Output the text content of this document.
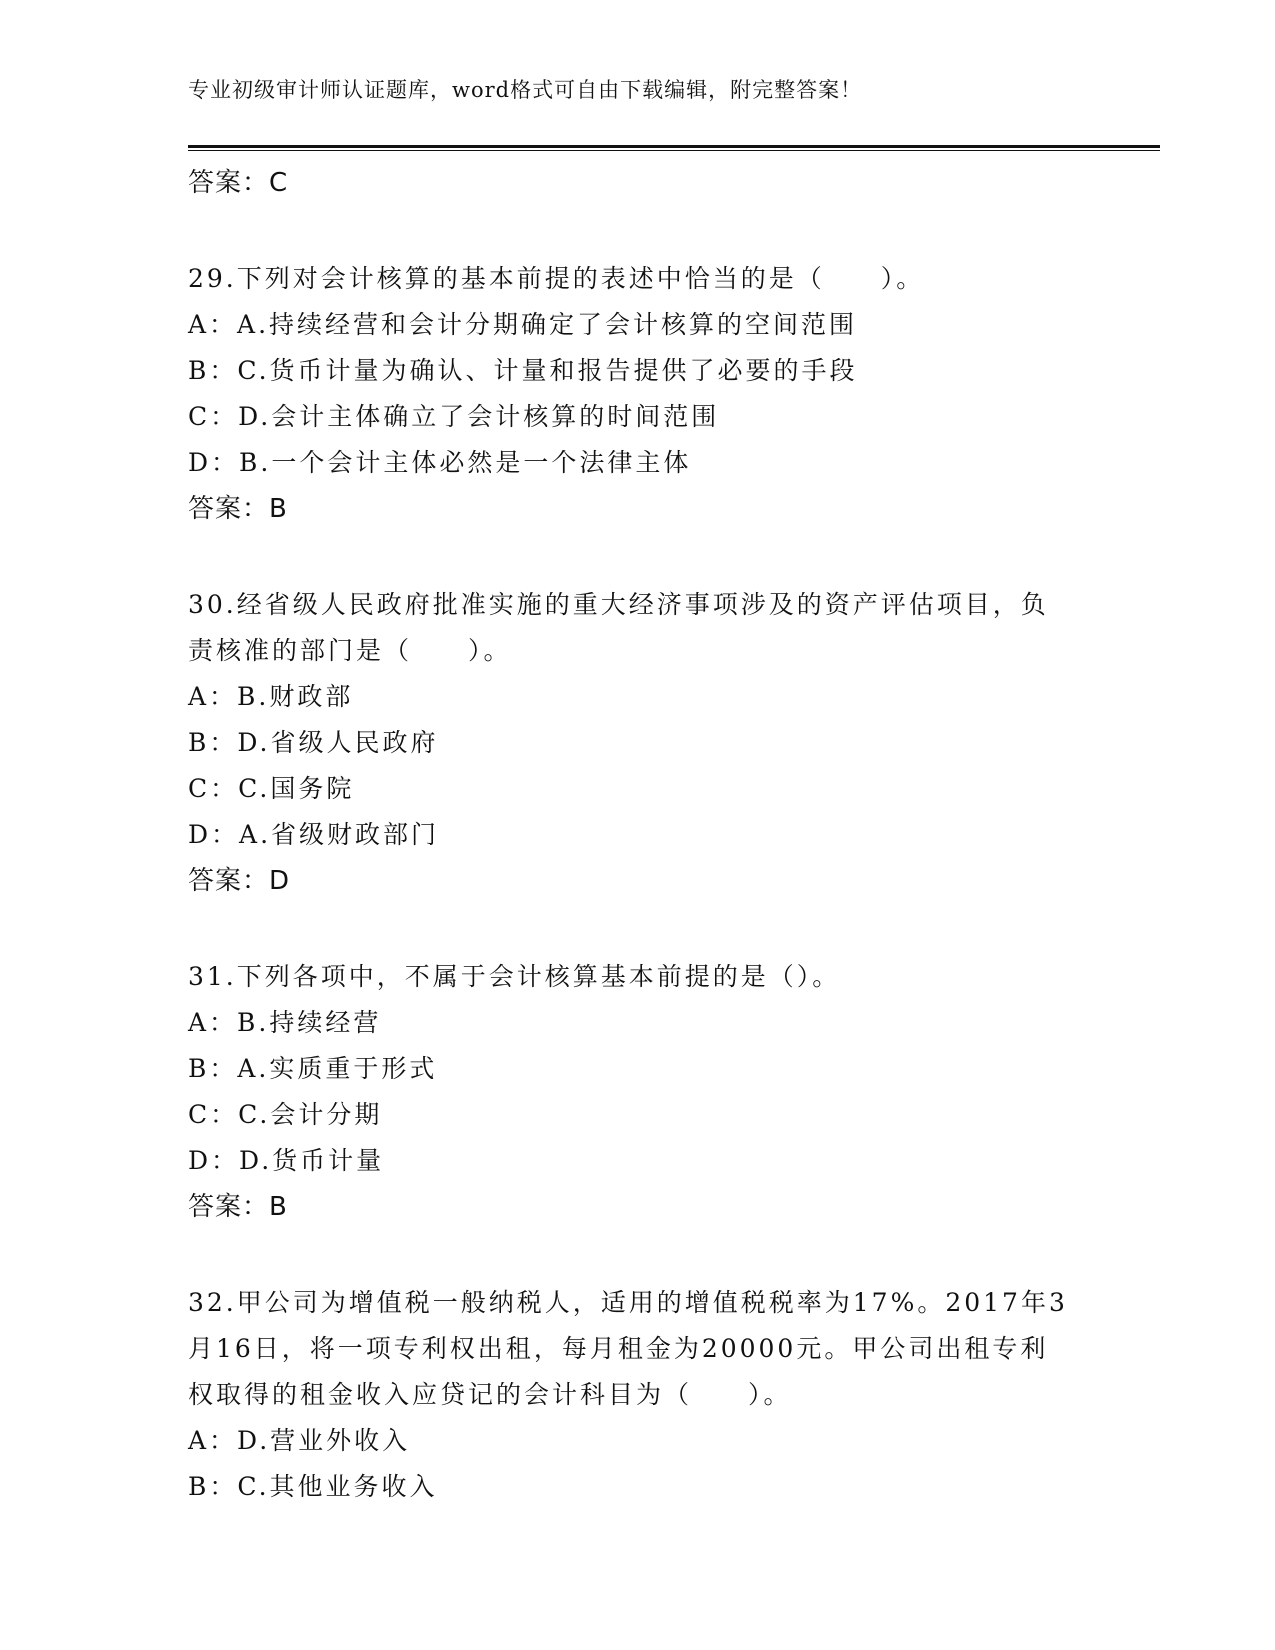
专业初级审计师认证题库，word格式可自由下载编辑，附完整答案！
答案：C
29.下列对会计核算的基本前提的表述中恰当的是（　　）。
A：A.持续经营和会计分期确定了会计核算的空间范围
B：C.货币计量为确认、计量和报告提供了必要的手段
C：D.会计主体确立了会计核算的时间范围
D：B.一个会计主体必然是一个法律主体
答案：B
30.经省级人民政府批准实施的重大经济事项涉及的资产评估项目，负责核准的部门是（　　）。
A：B.财政部
B：D.省级人民政府
C：C.国务院
D：A.省级财政部门
答案：D
31.下列各项中，不属于会计核算基本前提的是（）。
A：B.持续经营
B：A.实质重于形式
C：C.会计分期
D：D.货币计量
答案：B
32.甲公司为增值税一般纳税人，适用的增值税税率为17%。2017年3月16日，将一项专利权出租，每月租金为20000元。甲公司出租专利权取得的租金收入应贷记的会计科目为（　　）。
A：D.营业外收入
B：C.其他业务收入
